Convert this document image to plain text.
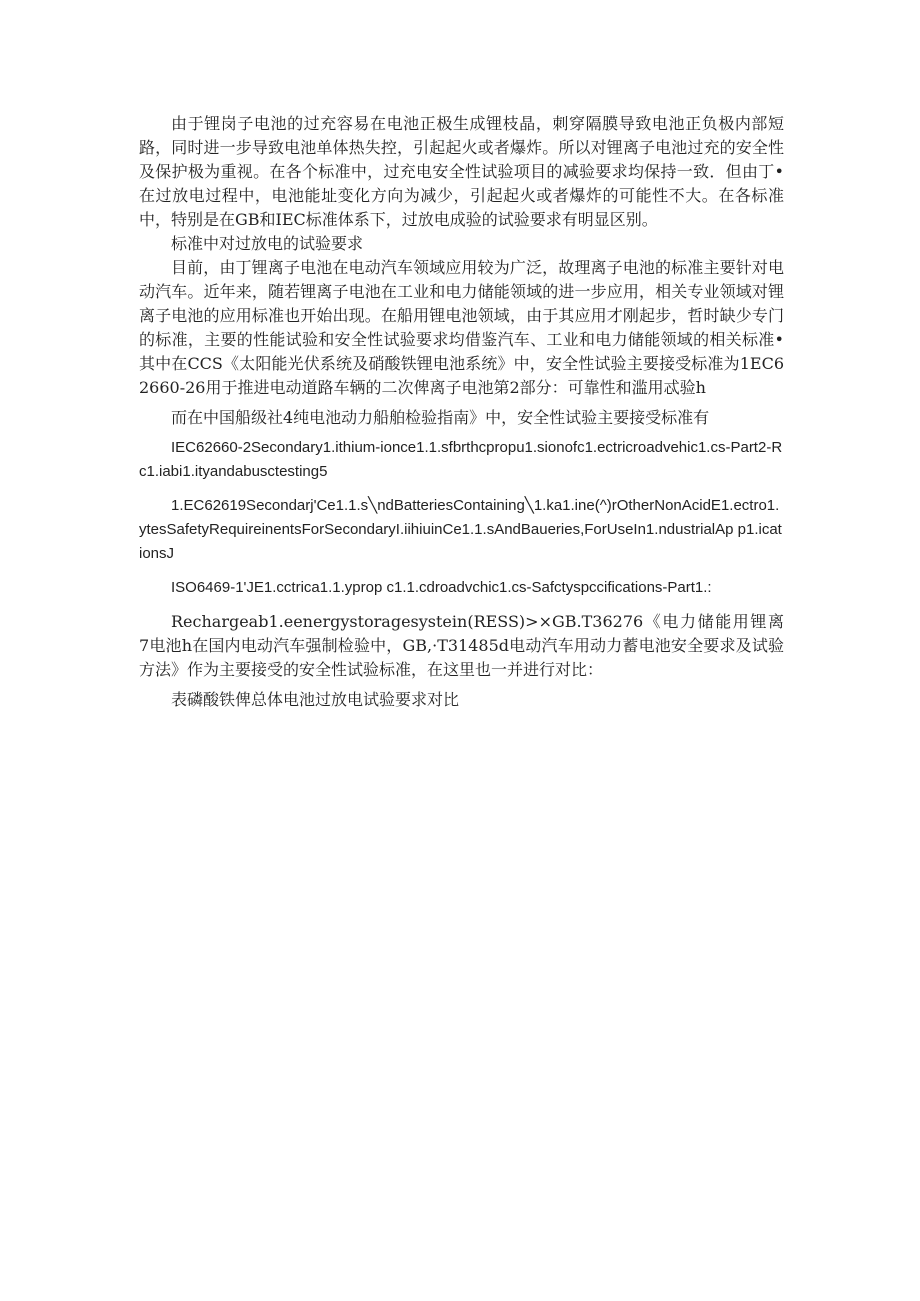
由于锂岗子电池的过充容易在电池正极生成锂枝晶，刺穿隔膜导致电池正负极内部短路，同时进一步导致电池单体热失控，引起起火或者爆炸。所以对锂离子电池过充的安全性及保护极为重视。在各个标准中，过充电安全性试验项目的减验要求均保持一致．但由丁•在过放电过程中，电池能址变化方向为减少，引起起火或者爆炸的可能性不大。在各标准中，特别是在GB和IEC标准体系下，过放电成验的试验要求有明显区别。

标准中对过放电的试验要求

目前，由丁锂离子电池在电动汽车领域应用较为广泛，故理离子电池的标准主要针对电动汽车。近年来，随若锂离子电池在工业和电力储能领域的进一步应用，相关专业领域对锂离子电池的应用标准也开始出现。在船用锂电池领域，由于其应用才刚起步，哲时缺少专门的标准，主要的性能试验和安全性试验要求均借鉴汽车、工业和电力储能领域的相关标准•其中在CCS《太阳能光伏系统及硝酸铁锂电池系统》中，安全性试验主要接受标准为1EC62660-26用于推进电动道路车辆的二次俾离子电池第2部分：可靠性和滥用忒验h

而在中国船级社4纯电池动力船舶检验指南》中，安全性试验主要接受标准有

IEC62660-2Secondary1.ithium-ionce1.1.sfbrthcpropu1.sionofc1.ectricroadvehic1.cs-Part2-Rc1.iabi1.ityandabusctesting5

1.EC62619Secondarj'Ce1.1.s╲ndBatteriesContaining╲1.ka1.ine(^)rOtherNonAcidE1.ectro1.ytesSafetyRequireinentsForSecondaryI.iihiuinCe1.1.sAndBaueries,ForUseIn1.ndustrialAp p1.icationsJ

ISO6469-1'JE1.cctrica1.1.yprop c1.1.cdroadvchic1.cs-Safctyspccifications-Part1.:

Rechargeab1.eenergystoragesystein(RESS)>×GB.T36276《电力储能用锂离 7电池h在国内电动汽车强制检验中，GB,·T31485d电动汽车用动力蓄电池安全要求及试验方法》作为主要接受的安全性试验标准，在这里也一并进行对比：

表磷酸铁俾总体电池过放电试验要求对比
